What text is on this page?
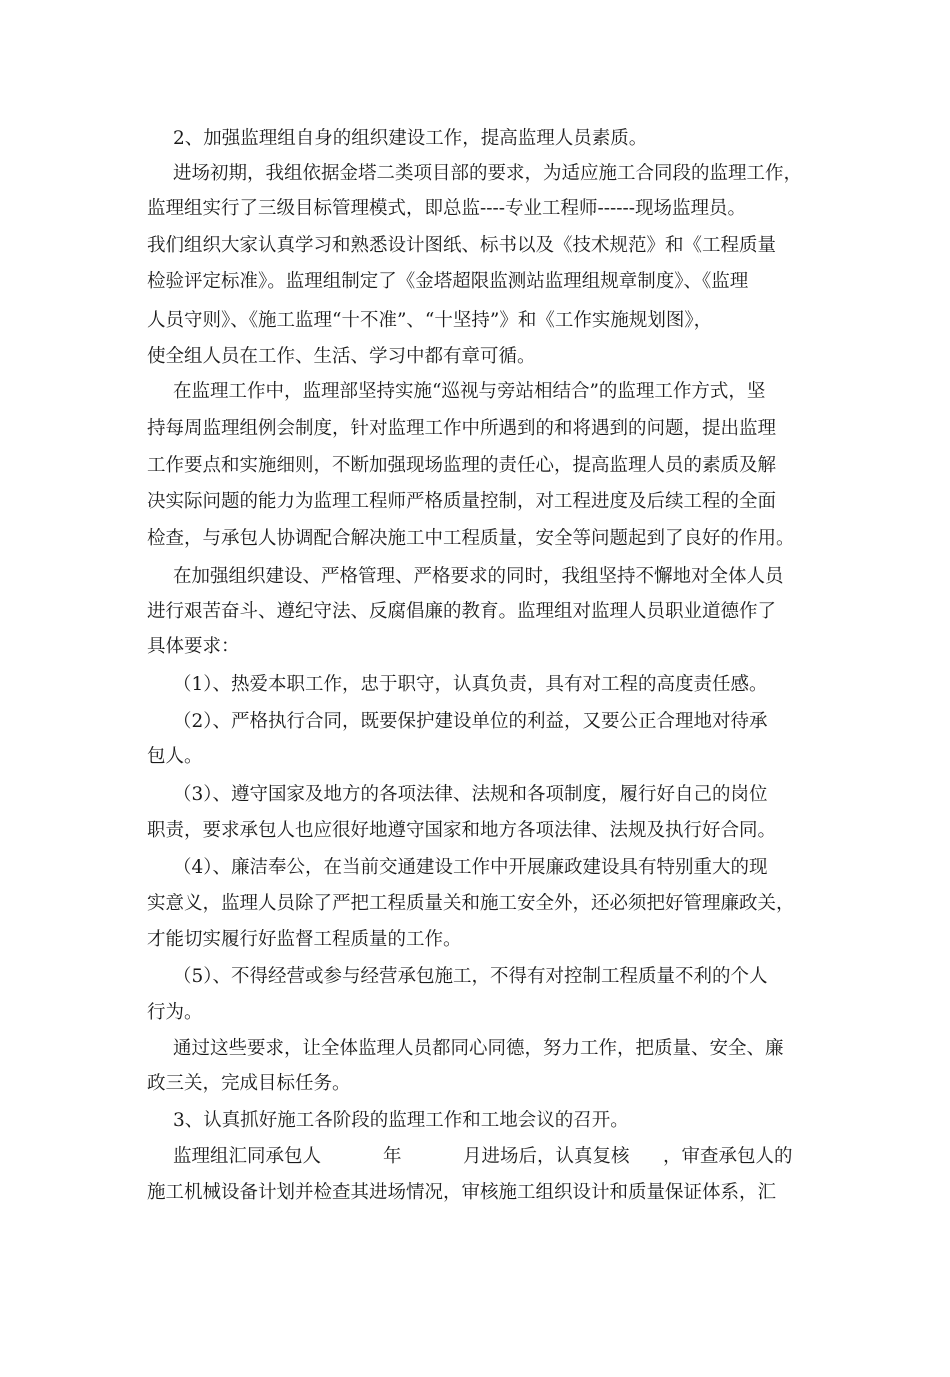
2、加强监理组自身的组织建设工作，提高监理人员素质。

进场初期，我组依据金塔二类项目部的要求，为适应施工合同段的监理工作，

监理组实行了三级目标管理模式，即总监----专业工程师------现场监理员。

我们组织大家认真学习和熟悉设计图纸、标书以及《技术规范》和《工程质量

检验评定标准》。监理组制定了《金塔超限监测站监理组规章制度》、《监理

人员守则》、《施工监理“十不准”、“十坚持”》和《工作实施规划图》，

使全组人员在工作、生活、学习中都有章可循。

在监理工作中，监理部坚持实施“巡视与旁站相结合”的监理工作方式，坚

持每周监理组例会制度，针对监理工作中所遇到的和将遇到的问题，提出监理

工作要点和实施细则，不断加强现场监理的责任心，提高监理人员的素质及解

决实际问题的能力为监理工程师严格质量控制，对工程进度及后续工程的全面

检查，与承包人协调配合解决施工中工程质量，安全等问题起到了良好的作用。

在加强组织建设、严格管理、严格要求的同时，我组坚持不懈地对全体人员

进行艰苦奋斗、遵纪守法、反腐倡廉的教育。监理组对监理人员职业道德作了

具体要求：

（1）、热爱本职工作，忠于职守，认真负责，具有对工程的高度责任感。

（2）、严格执行合同，既要保护建设单位的利益，又要公正合理地对待承

包人。

（3）、遵守国家及地方的各项法律、法规和各项制度，履行好自己的岗位

职责，要求承包人也应很好地遵守国家和地方各项法律、法规及执行好合同。

（4）、廉洁奉公，在当前交通建设工作中开展廉政建设具有特别重大的现

实意义，监理人员除了严把工程质量关和施工安全外，还必须把好管理廉政关，

才能切实履行好监督工程质量的工作。

（5）、不得经营或参与经营承包施工，不得有对控制工程质量不利的个人

行为。

通过这些要求，让全体监理人员都同心同德，努力工作，把质量、安全、廉

政三关，完成目标任务。

3、认真抓好施工各阶段的监理工作和工地会议的召开。

监理组汇同承包人

	年

	月进场后，认真复核

，审查承包人的

施工机械设备计划并检查其进场情况，审核施工组织设计和质量保证体系，汇
